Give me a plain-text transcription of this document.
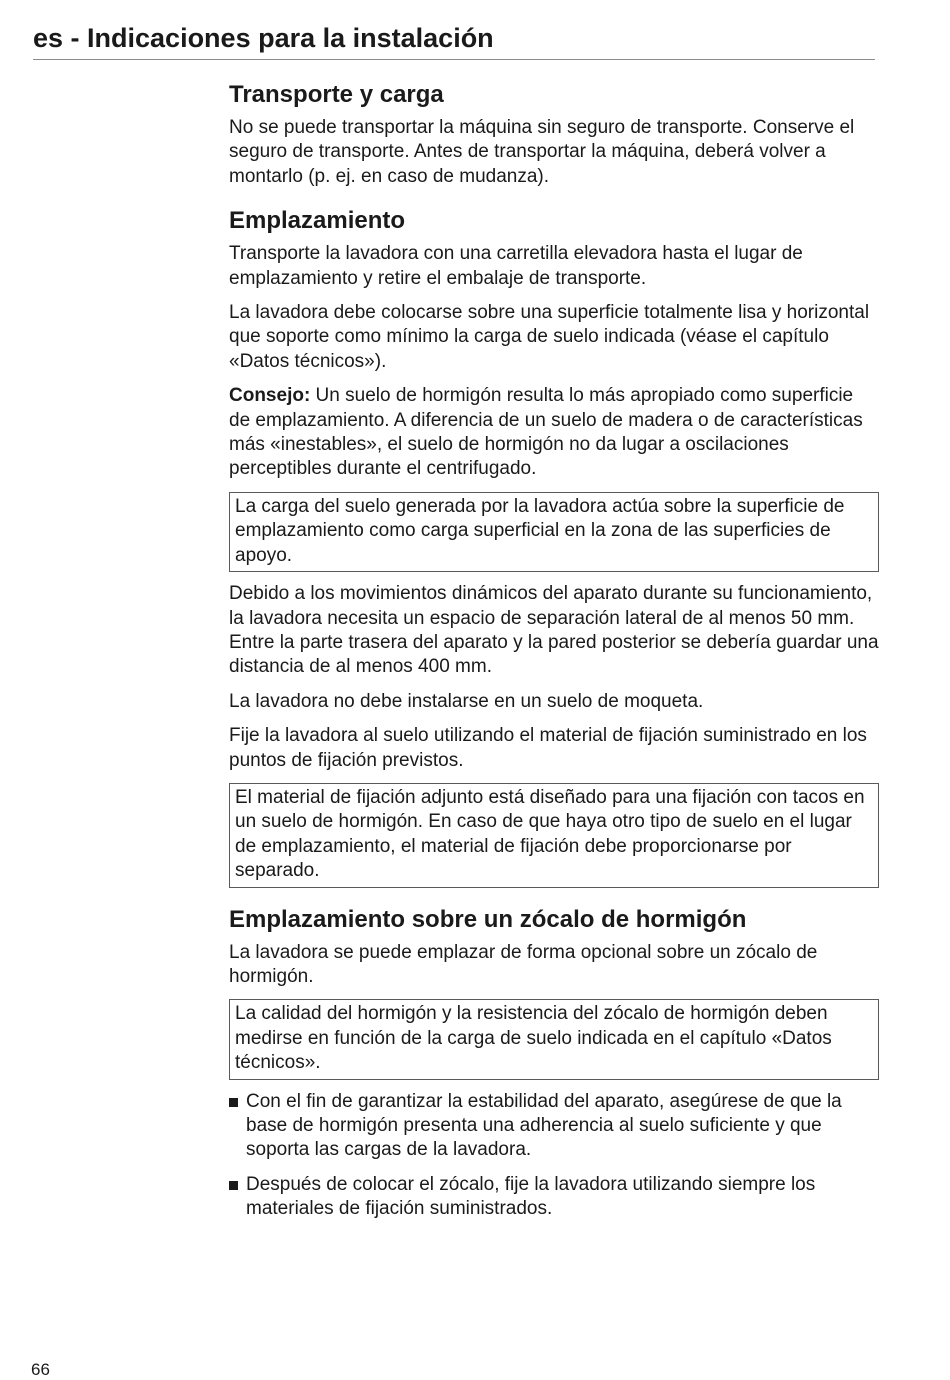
es - Indicaciones para la instalación
Transporte y carga

No se puede transportar la máquina sin seguro de transporte. Conserve el seguro de transporte. Antes de transportar la máquina, deberá volver a montarlo (p. ej. en caso de mudanza).

Emplazamiento

Transporte la lavadora con una carretilla elevadora hasta el lugar de emplazamiento y retire el embalaje de transporte.

La lavadora debe colocarse sobre una superficie totalmente lisa y horizontal que soporte como mínimo la carga de suelo indicada (véase el capítulo «Datos técnicos»).

Consejo: Un suelo de hormigón resulta lo más apropiado como superficie de emplazamiento. A diferencia de un suelo de madera o de características más «inestables», el suelo de hormigón no da lugar a oscilaciones perceptibles durante el centrifugado.

La carga del suelo generada por la lavadora actúa sobre la superficie de emplazamiento como carga superficial en la zona de las superficies de apoyo.

Debido a los movimientos dinámicos del aparato durante su funcionamiento, la lavadora necesita un espacio de separación lateral de al menos 50 mm. Entre la parte trasera del aparato y la pared posterior se debería guardar una distancia de al menos 400 mm.

La lavadora no debe instalarse en un suelo de moqueta.

Fije la lavadora al suelo utilizando el material de fijación suministrado en los puntos de fijación previstos.

El material de fijación adjunto está diseñado para una fijación con tacos en un suelo de hormigón. En caso de que haya otro tipo de suelo en el lugar de emplazamiento, el material de fijación debe proporcionarse por separado.
Emplazamiento sobre un zócalo de hormigón

La lavadora se puede emplazar de forma opcional sobre un zócalo de hormigón.

La calidad del hormigón y la resistencia del zócalo de hormigón deben medirse en función de la carga de suelo indicada en el capítulo «Datos técnicos».
Con el fin de garantizar la estabilidad del aparato, asegúrese de que la base de hormigón presenta una adherencia al suelo suficiente y que soporta las cargas de la lavadora.
Después de colocar el zócalo, fije la lavadora utilizando siempre los materiales de fijación suministrados.
66
